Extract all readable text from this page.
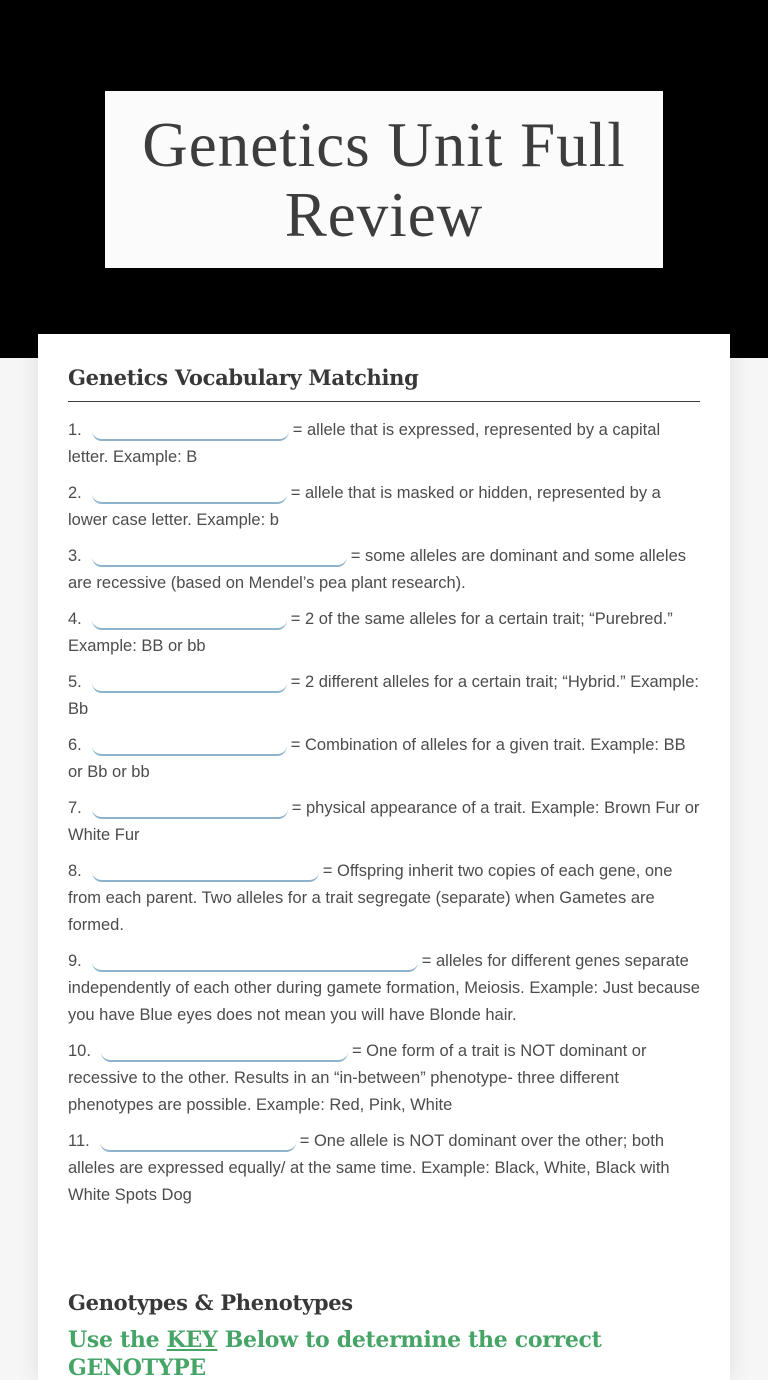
Genetics Unit Full Review
Genetics Vocabulary Matching

1.	= allele that is expressed, represented by a capital letter. Example: B

2.	= allele that is masked or hidden, represented by a lower case letter. Example: b

3.	= some alleles are dominant and some alleles are recessive (based on Mendel’s pea plant research).

4.	= 2 of the same alleles for a certain trait; “Purebred.” Example: BB or bb

5.	= 2 different alleles for a certain trait; “Hybrid.” Example: Bb

6.	= Combination of alleles for a given trait. Example: BB or Bb or bb

7.	= physical appearance of a trait. Example: Brown Fur or White Fur

8.	= Offspring inherit two copies of each gene, one from each parent. Two alleles for a trait segregate (separate) when Gametes are formed.

9.	= alleles for different genes separate independently of each other during gamete formation, Meiosis. Example: Just because you have Blue eyes does not mean you will have Blonde hair.

10.	= One form of a trait is NOT dominant or recessive to the other. Results in an “in-between” phenotype- three different phenotypes are possible. Example: Red, Pink, White

11.	= One allele is NOT dominant over the other; both alleles are expressed equally/ at the same time. Example: Black, White, Black with White Spots Dog

Genotypes & Phenotypes
Use the KEY Below to determine the correct GENOTYPE
